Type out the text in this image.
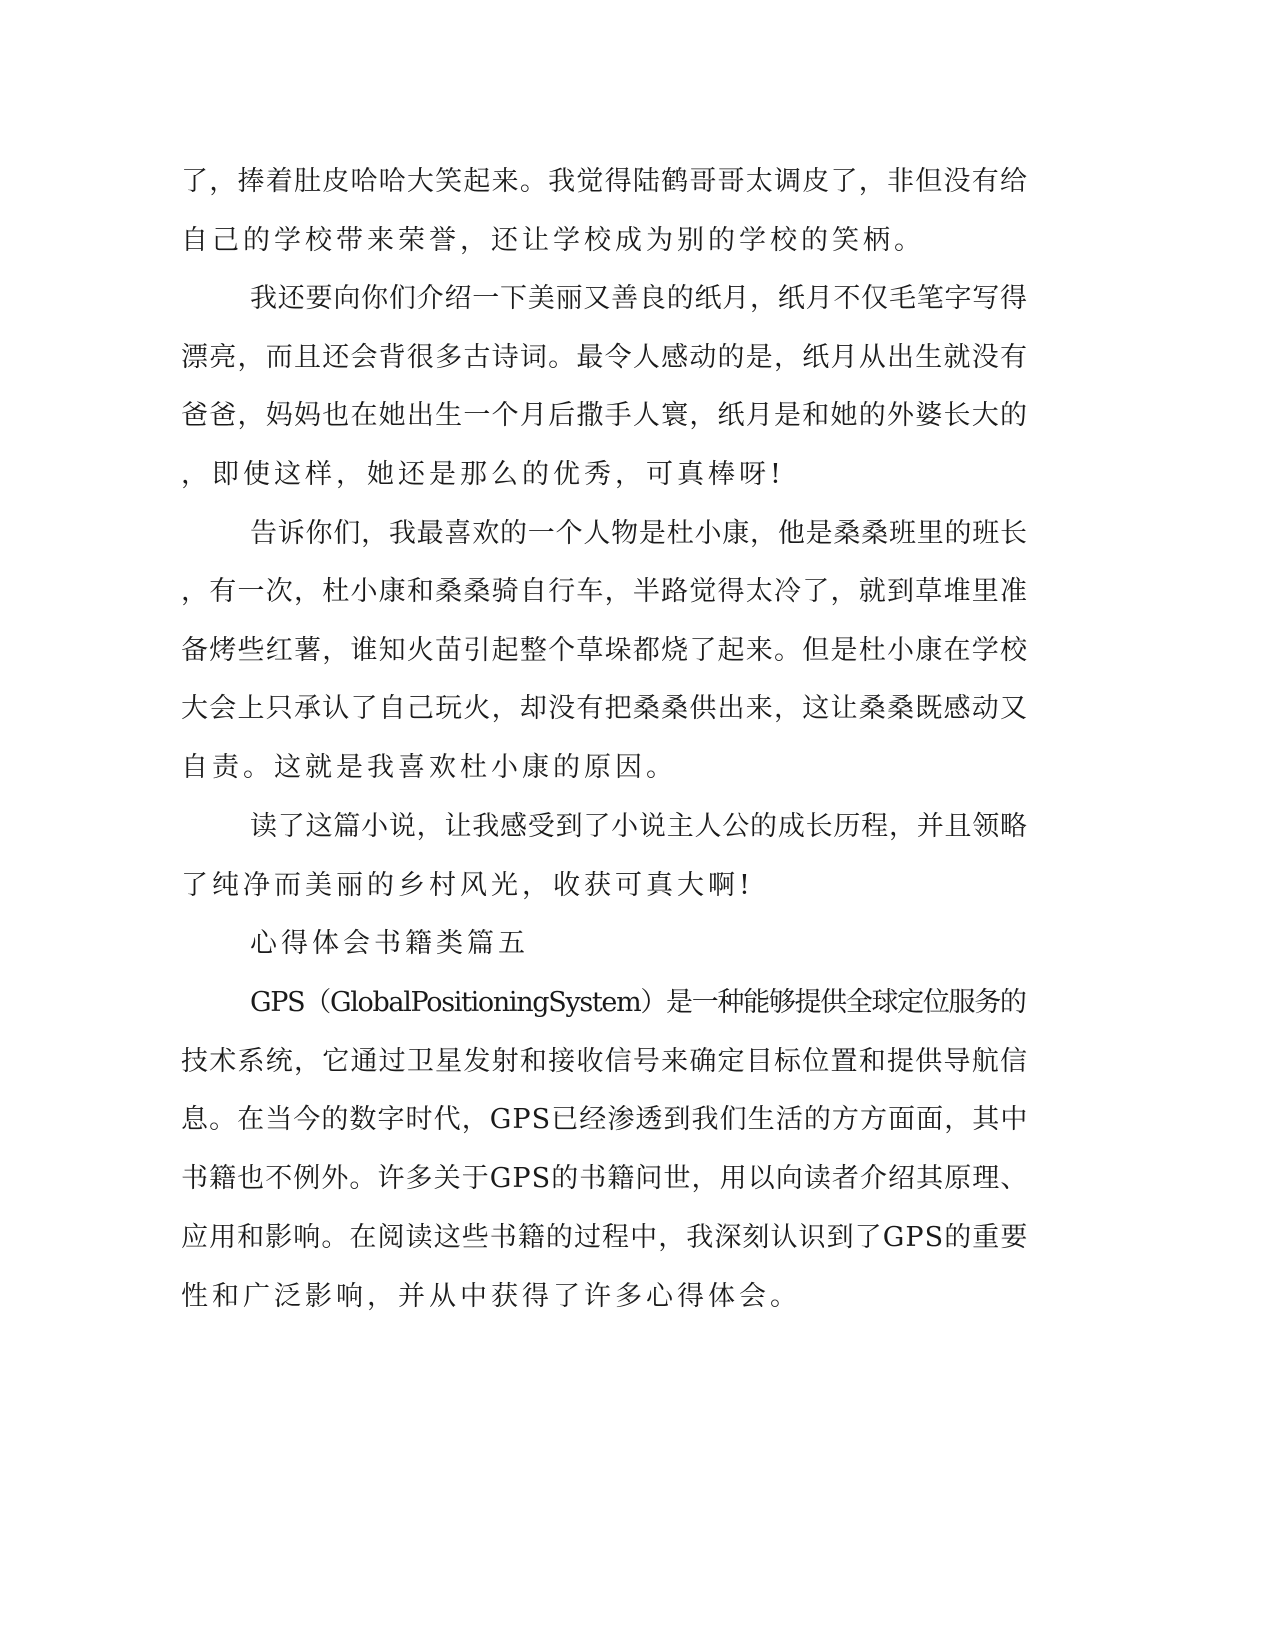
了，捧着肚皮哈哈大笑起来。我觉得陆鹤哥哥太调皮了，非但没有给

自己的学校带来荣誉，还让学校成为别的学校的笑柄。

我还要向你们介绍一下美丽又善良的纸月，纸月不仅毛笔字写得

漂亮，而且还会背很多古诗词。最令人感动的是，纸月从出生就没有

爸爸，妈妈也在她出生一个月后撒手人寰，纸月是和她的外婆长大的

，即使这样，她还是那么的优秀，可真棒呀!

告诉你们，我最喜欢的一个人物是杜小康，他是桑桑班里的班长

，有一次，杜小康和桑桑骑自行车，半路觉得太冷了，就到草堆里准

备烤些红薯，谁知火苗引起整个草垛都烧了起来。但是杜小康在学校

大会上只承认了自己玩火，却没有把桑桑供出来，这让桑桑既感动又

自责。这就是我喜欢杜小康的原因。

读了这篇小说，让我感受到了小说主人公的成长历程，并且领略

了纯净而美丽的乡村风光，收获可真大啊!

心得体会书籍类篇五

GPS（GlobalPositioningSystem）是一种能够提供全球定位服务的

技术系统，它通过卫星发射和接收信号来确定目标位置和提供导航信

息。在当今的数字时代，GPS已经渗透到我们生活的方方面面，其中

书籍也不例外。许多关于GPS的书籍问世，用以向读者介绍其原理、

应用和影响。在阅读这些书籍的过程中，我深刻认识到了GPS的重要

性和广泛影响，并从中获得了许多心得体会。
